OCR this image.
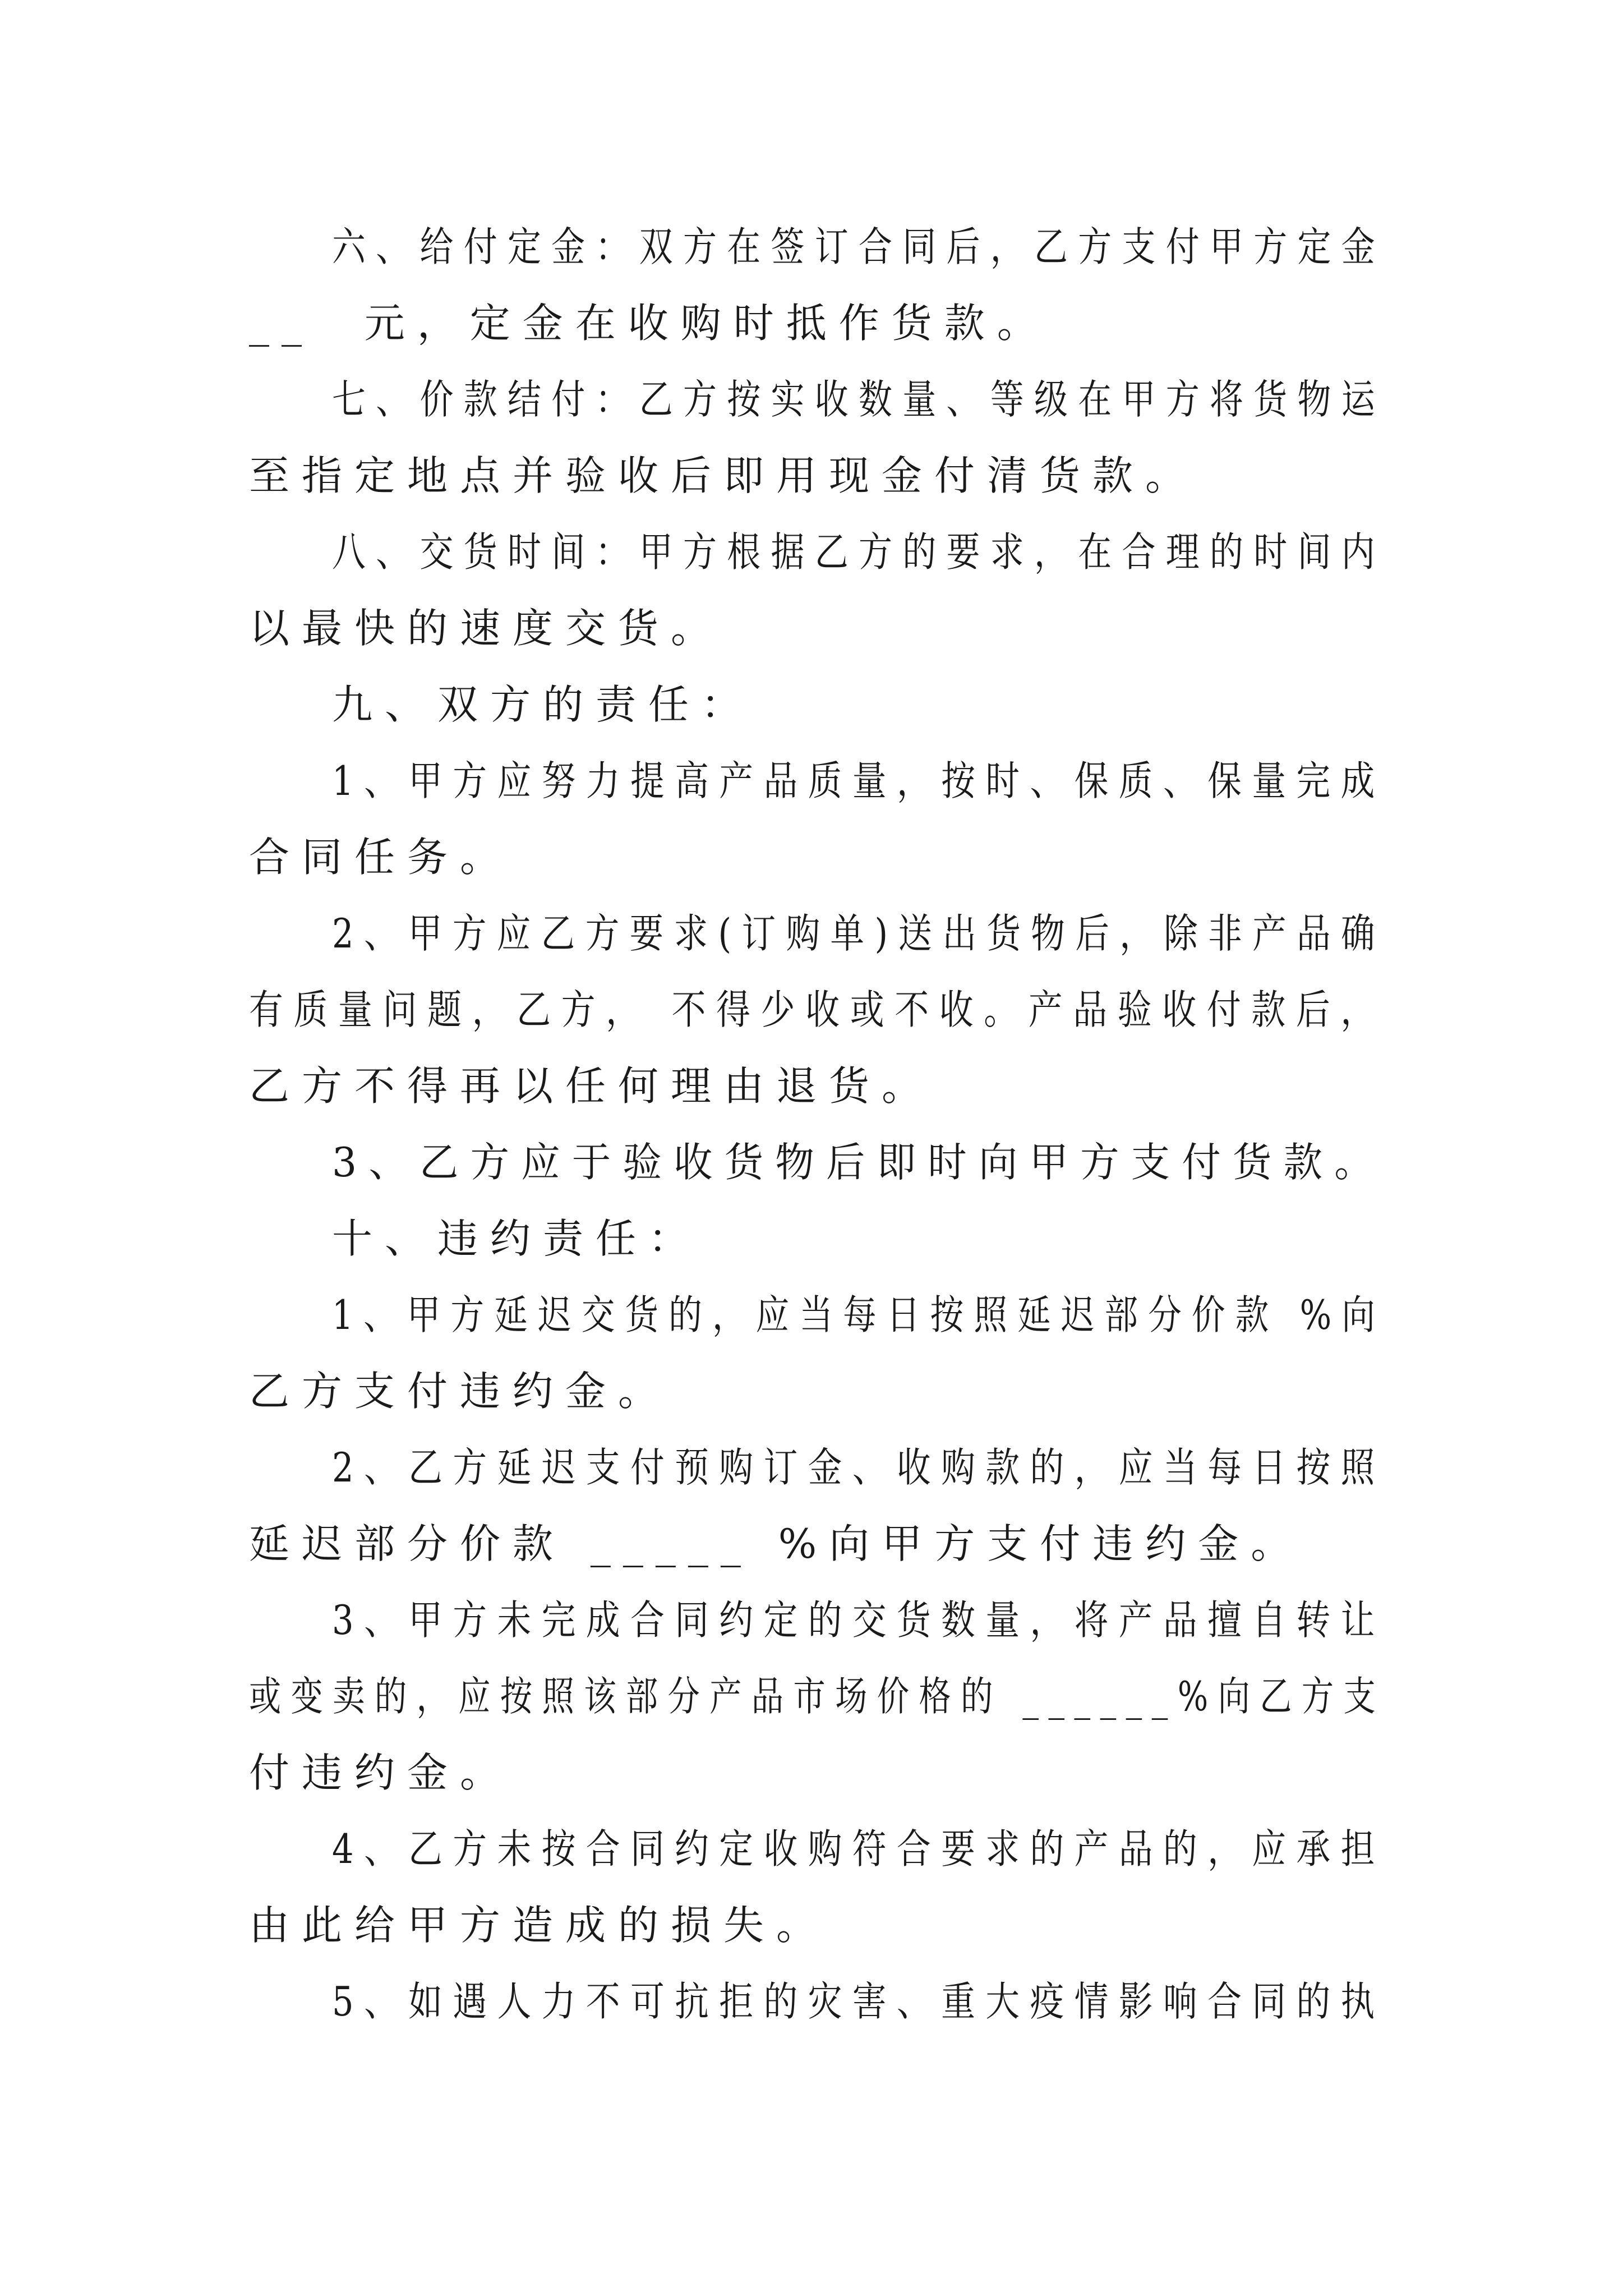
六、给付定金：双方在签订合同后，乙方支付甲方定金
__  元，定金在收购时抵作货款。
七、价款结付：乙方按实收数量、等级在甲方将货物运
至指定地点并验收后即用现金付清货款。
八、交货时间：甲方根据乙方的要求，在合理的时间内
以最快的速度交货。
九、双方的责任：
1、甲方应努力提高产品质量，按时、保质、保量完成
合同任务。
2、甲方应乙方要求(订购单)送出货物后，除非产品确
有质量问题，乙方， 不得少收或不收。产品验收付款后，
乙方不得再以任何理由退货。
3、乙方应于验收货物后即时向甲方支付货款。
十、违约责任：
1、甲方延迟交货的，应当每日按照延迟部分价款 %向
乙方支付违约金。
2、乙方延迟支付预购订金、收购款的，应当每日按照
延迟部分价款 _____ %向甲方支付违约金。
3、甲方未完成合同约定的交货数量，将产品擅自转让
或变卖的，应按照该部分产品市场价格的 ______%向乙方支
付违约金。
4、乙方未按合同约定收购符合要求的产品的，应承担
由此给甲方造成的损失。
5、如遇人力不可抗拒的灾害、重大疫情影响合同的执
